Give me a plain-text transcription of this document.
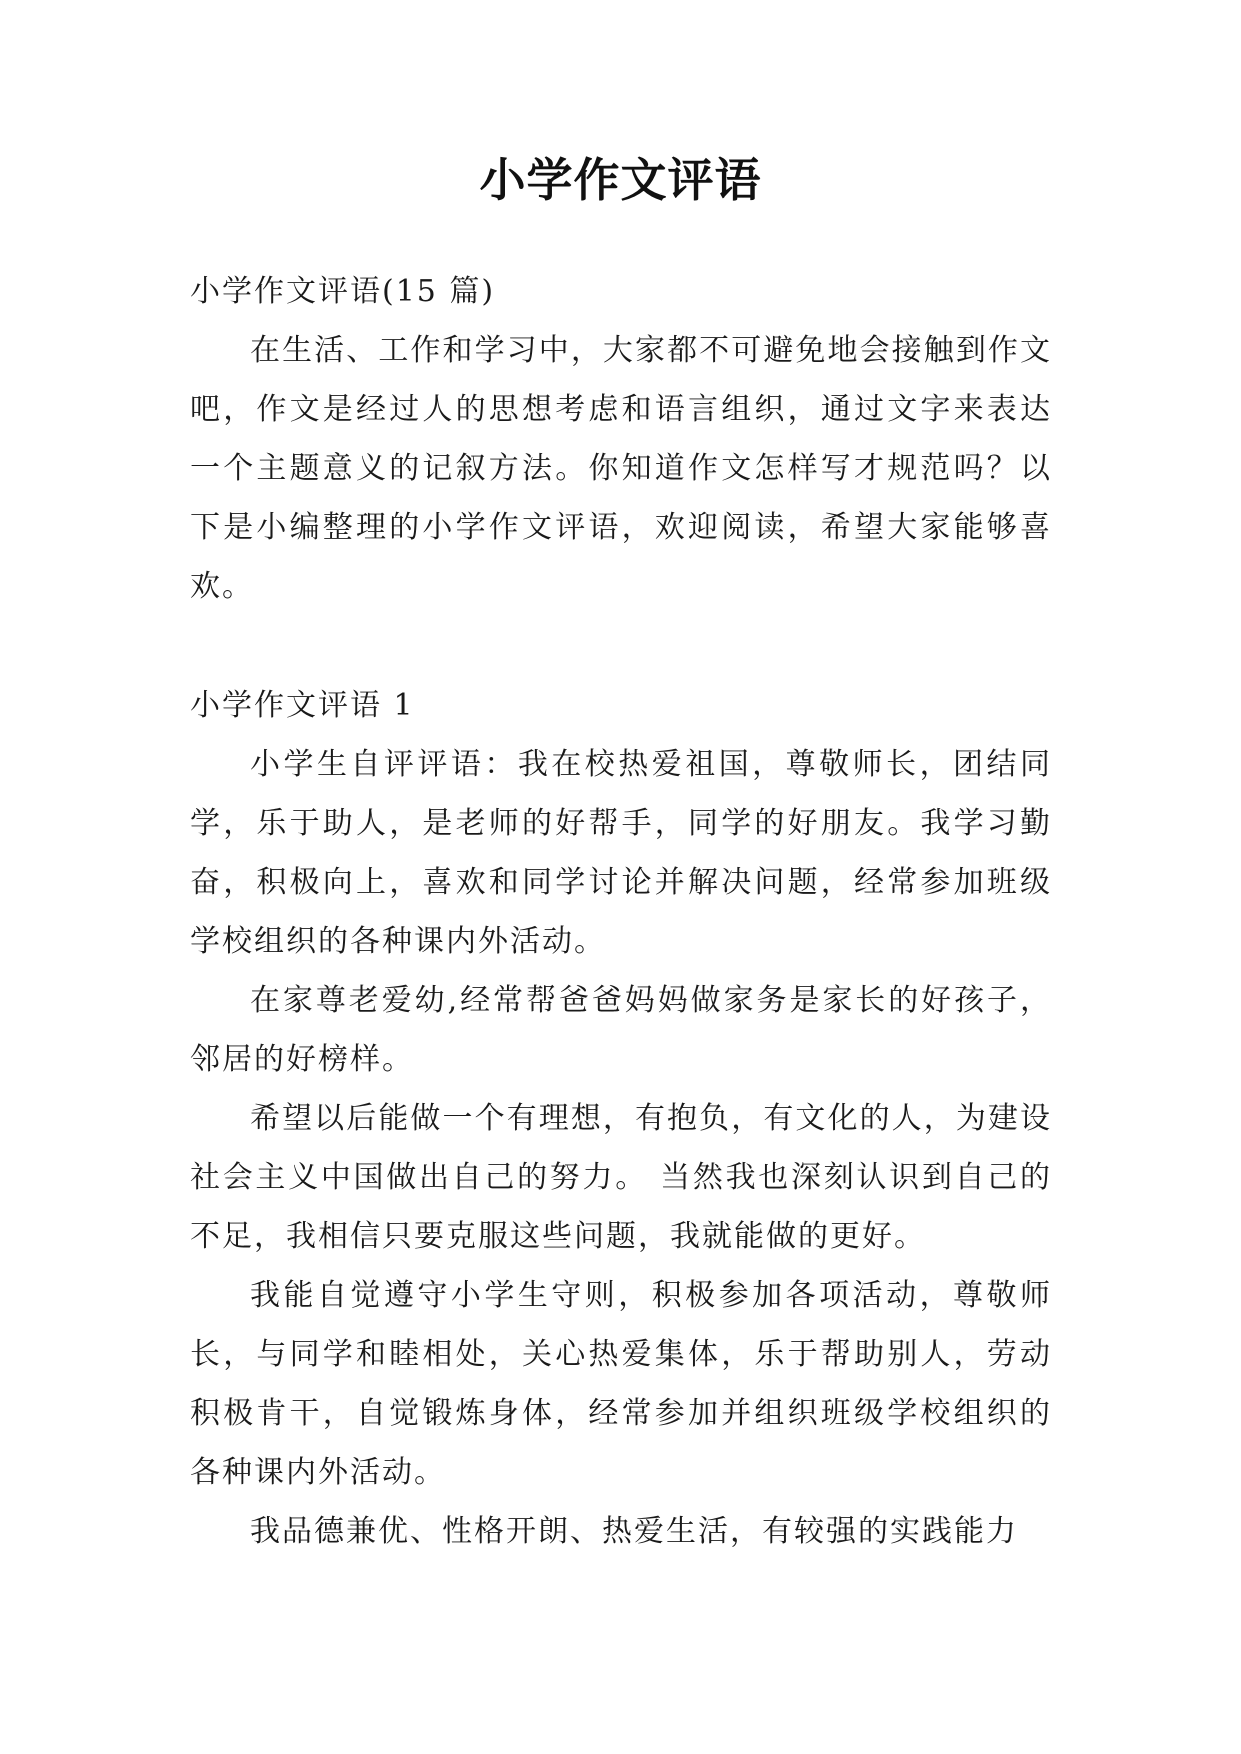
小学作文评语

小学作文评语(15 篇)

在生活、工作和学习中，大家都不可避免地会接触到作文吧，作文是经过人的思想考虑和语言组织，通过文字来表达一个主题意义的记叙方法。你知道作文怎样写才规范吗？以下是小编整理的小学作文评语，欢迎阅读，希望大家能够喜欢。

小学作文评语 1

小学生自评评语：我在校热爱祖国，尊敬师长，团结同学，乐于助人，是老师的好帮手，同学的好朋友。我学习勤奋，积极向上，喜欢和同学讨论并解决问题，经常参加班级学校组织的各种课内外活动。

在家尊老爱幼,经常帮爸爸妈妈做家务是家长的好孩子，邻居的好榜样。

希望以后能做一个有理想，有抱负，有文化的人，为建设社会主义中国做出自己的努力。 当然我也深刻认识到自己的不足，我相信只要克服这些问题，我就能做的更好。

我能自觉遵守小学生守则，积极参加各项活动，尊敬师长，与同学和睦相处，关心热爱集体，乐于帮助别人，劳动积极肯干，自觉锻炼身体，经常参加并组织班级学校组织的各种课内外活动。

我品德兼优、性格开朗、热爱生活，有较强的实践能力
